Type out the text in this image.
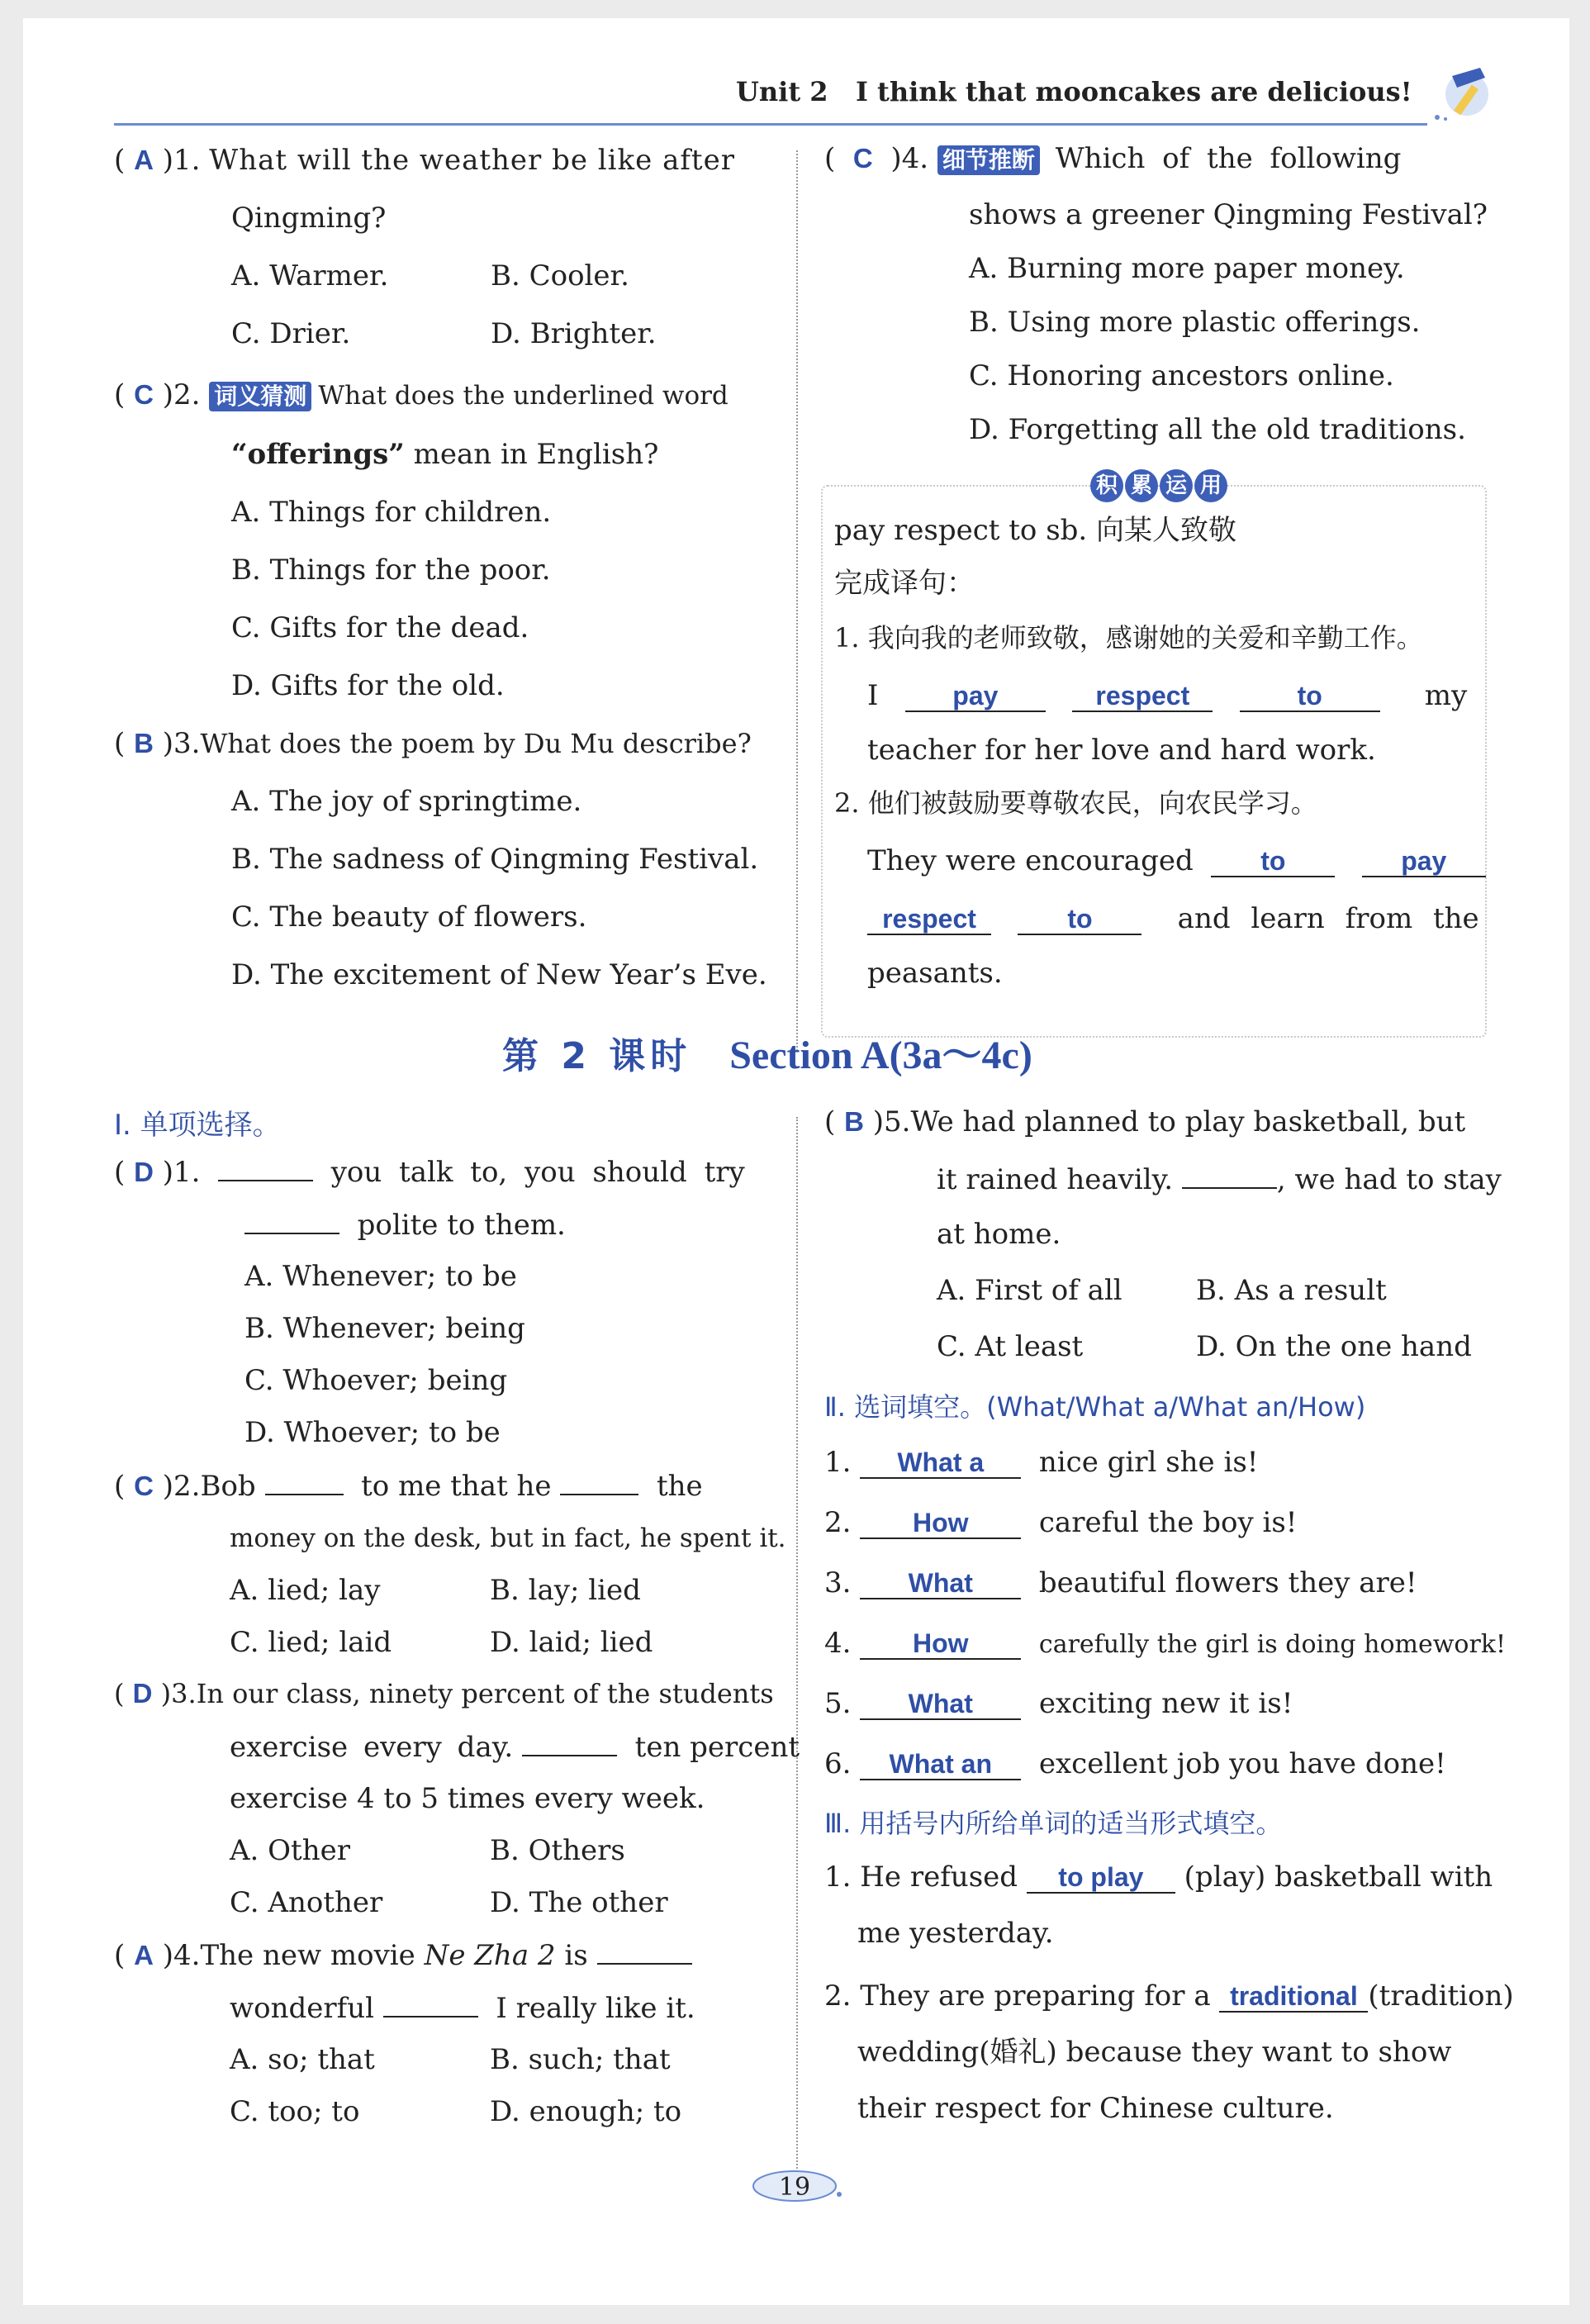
Unit 2 I think that mooncakes are delicious!
( A )1. What will the weather be like after
Qingming?
A. Warmer.	B. Cooler.
C. Drier.	D. Brighter.
( C )2. 词义猜测 What does the underlined word
“offerings” mean in English?
A. Things for children.
B. Things for the poor.
C. Gifts for the dead.
D. Gifts for the old.
( B )3.What does the poem by Du Mu describe?
A. The joy of springtime.
B. The sadness of Qingming Festival.
C. The beauty of flowers.
D. The excitement of New Year’s Eve.
(  C  )4. 细节推断 Which of the following
shows a greener Qingming Festival?
A. Burning more paper money.
B. Using more plastic offerings.
C. Honoring ancestors online.
D. Forgetting all the old traditions.
积 累 运 用
pay respect to sb. 向某人致敬
完成译句：
1. 我向我的老师致敬，感谢她的关爱和辛勤工作。
I	pay	respect	to	my
teacher for her love and hard work.
2. 他们被鼓励要尊敬农民，向农民学习。
They were encouraged	to	pay
respect	to	and learn from the
peasants.
第 2 课时 Section A(3a～4c)
Ⅰ. 单项选择。
( D )1.	you talk to, you should try
polite to them.
A. Whenever; to be
B. Whenever; being
C. Whoever; being
D. Whoever; to be
( C )2.Bob	to me that he	the
money on the desk, but in fact, he spent it.
A. lied; lay	B. lay; lied
C. lied; laid	D. laid; lied
( D )3.In our class, ninety percent of the students
exercise every day.	ten percent
exercise 4 to 5 times every week.
A. Other	B. Others
C. Another	D. The other
( A )4.The new movie Ne Zha 2 is
wonderful	I really like it.
A. so; that	B. such; that
C. too; to	D. enough; to
( B )5.We had planned to play basketball, but
it rained heavily.	, we had to stay
at home.
A. First of all	B. As a result
C. At least	D. On the one hand
Ⅱ. 选词填空。(What/What a/What an/How)
1. What a nice girl she is!
2. How	careful the boy is!
3. What beautiful flowers they are!
4. How	carefully the girl is doing homework!
5. What exciting new it is!
6. What an excellent job you have done!
Ⅲ. 用括号内所给单词的适当形式填空。
1. He refused to play (play) basketball with
me yesterday.
2. They are preparing for a traditional (tradition)
wedding(婚礼) because they want to show
their respect for Chinese culture.
19
